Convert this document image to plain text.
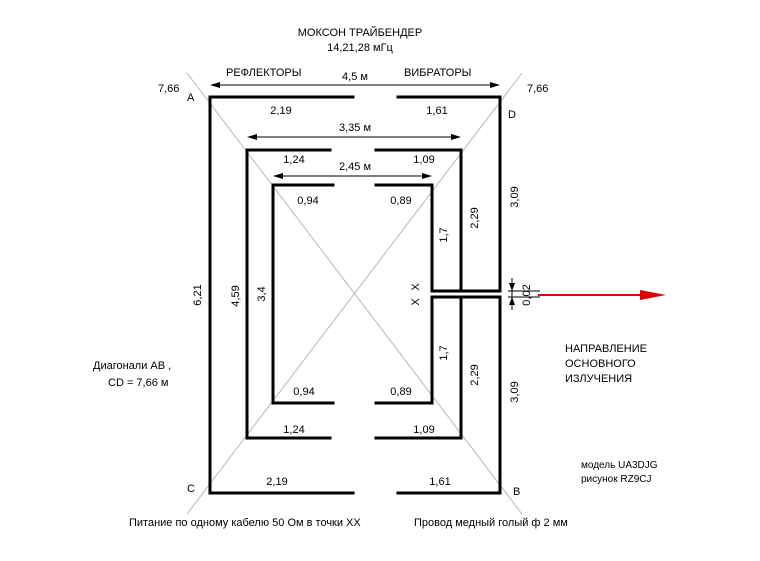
МОКСОН ТРАЙБЕНДЕР
14,21,28 мГц
РЕФЛЕКТОРЫ	ВИБРАТОРЫ
4,5 м
3,35 м
2,45 м
A
D
C	B
7,66	7,66
2,19
1,24
0,94
0,94
1,24
2,19
1,61
1,09
0,89
0,89
1,09
1,61
6,21 4,59 3,4
1,7
2,29
3,09
1,7
2,29
3,09
0,02
X
X
НАПРАВЛЕНИЕ
ОСНОВНОГО
ИЗЛУЧЕНИЯ
Диагонали AB ,
CD = 7,66 м
модель UA3DJG
рисунок RZ9CJ
Питание по одному кабелю 50 Ом в точки XX	Провод медный голый ф 2 мм
